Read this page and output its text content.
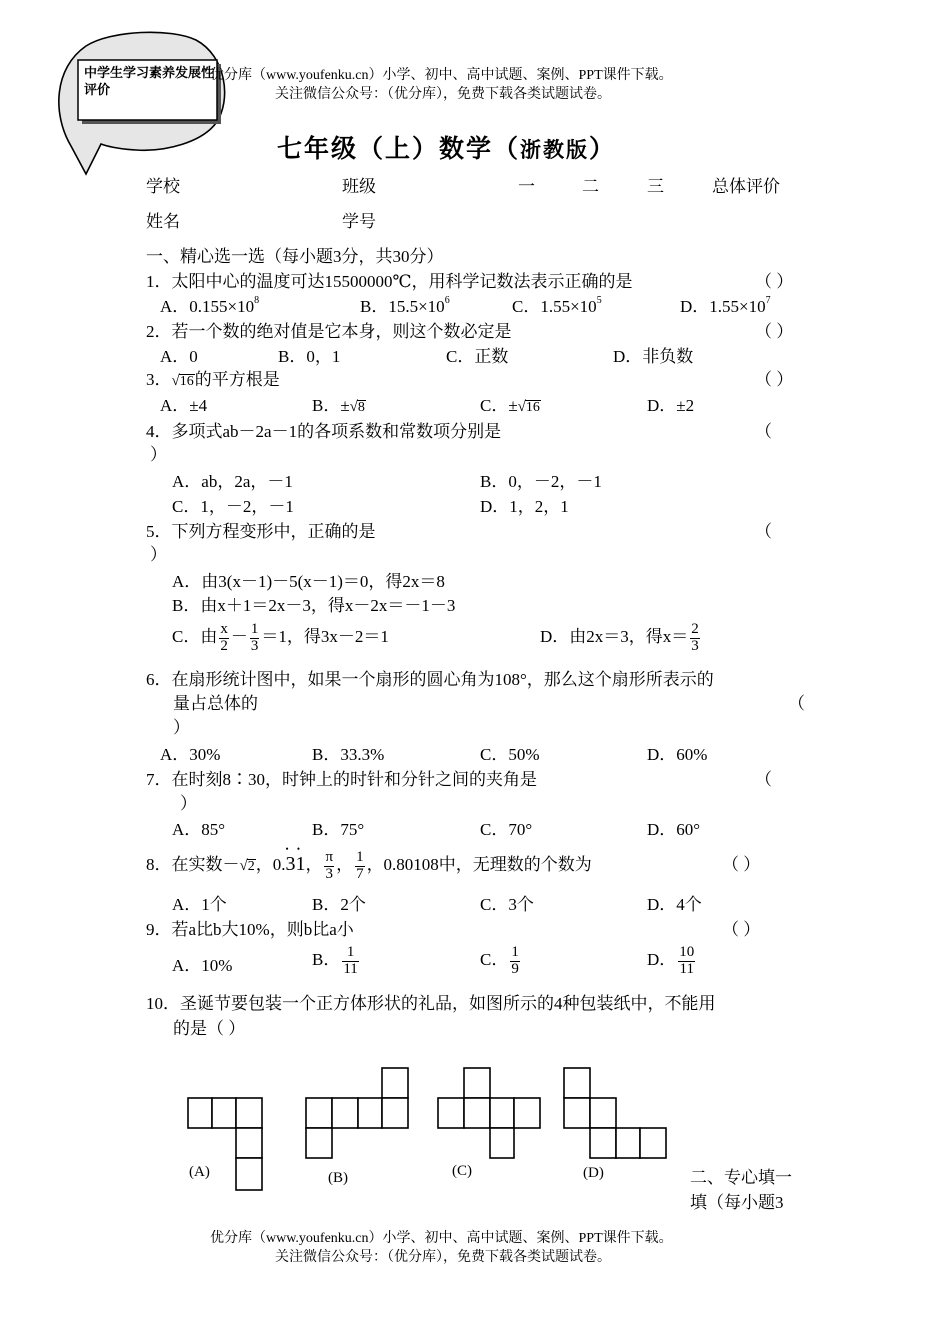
中学生学习素养发展性评价
优分库（www.youfenku.cn）小学、初中、高中试题、案例、PPT课件下载。
关注微信公众号：（优分库），免费下载各类试题试卷。
七年级（上）数学（浙教版）
学校	班级	一	二	三	总体评价
姓名	学号
一、精心选一选（每小题3分，共30分）
1．太阳中心的温度可达15500000℃，用科学记数法表示正确的是	（ ）
A．$0.155\times 10^8$	B．$15.5\times 10^6$	C．$1.55\times 10^5$	D．$1.55\times 10^7$
2．若一个数的绝对值是它本身，则这个数必定是	（ ）
A．0	B．0，1	C．正数	D．非负数
3．√16的平方根是	（ ）
A．±4	B．±√8	C．±√16	D．±2
4．多项式ab－2a－1的各项系数和常数项分别是	（
）
A．ab，2a，－1	B．0，－2，－1
C．1，－2，－1	D．1，2，1
5．下列方程变形中，正确的是	（
）
A．由3(x－1)－5(x－1)＝0，得2x＝8
B．由x＋1＝2x－3，得x－2x＝－1－3
C．由 $\frac{x}{2} - \frac{1}{3} =1$，得3x－2＝1	D．由2x＝3，得$x= \frac{2}{3}$
6．在扇形统计图中，如果一个扇形的圆心角为108°，那么这个扇形所表示的
量占总体的	（
）
A．30%	B．33.3%	C．50%	D．60%
7．在时刻8∶30，时钟上的时针和分针之间的夹角是	（
）
A．85°	B．75°	C．70°	D．60°
8．在实数－√2，0.• • 31， $\frac{\pi}{3}$ ， $\frac{1}{7}$ ，0.80108中，无理数的个数为	（ ）
A．1个	B．2个	C．3个	D．4个
9．若a比b大10%，则b比a小	（ ）
A．10%	B． $\frac{1}{11}$	C． $\frac{1}{9}$	D． $\frac{10}{11}$
10．圣诞节要包装一个正方体形状的礼品，如图所示的4种包装纸中，不能用
的是（ ）
(A)	(B)	(C)	(D)	二、专心填一
填（每小题3
优分库（www.youfenku.cn）小学、初中、高中试题、案例、PPT课件下载。
关注微信公众号：（优分库），免费下载各类试题试卷。
